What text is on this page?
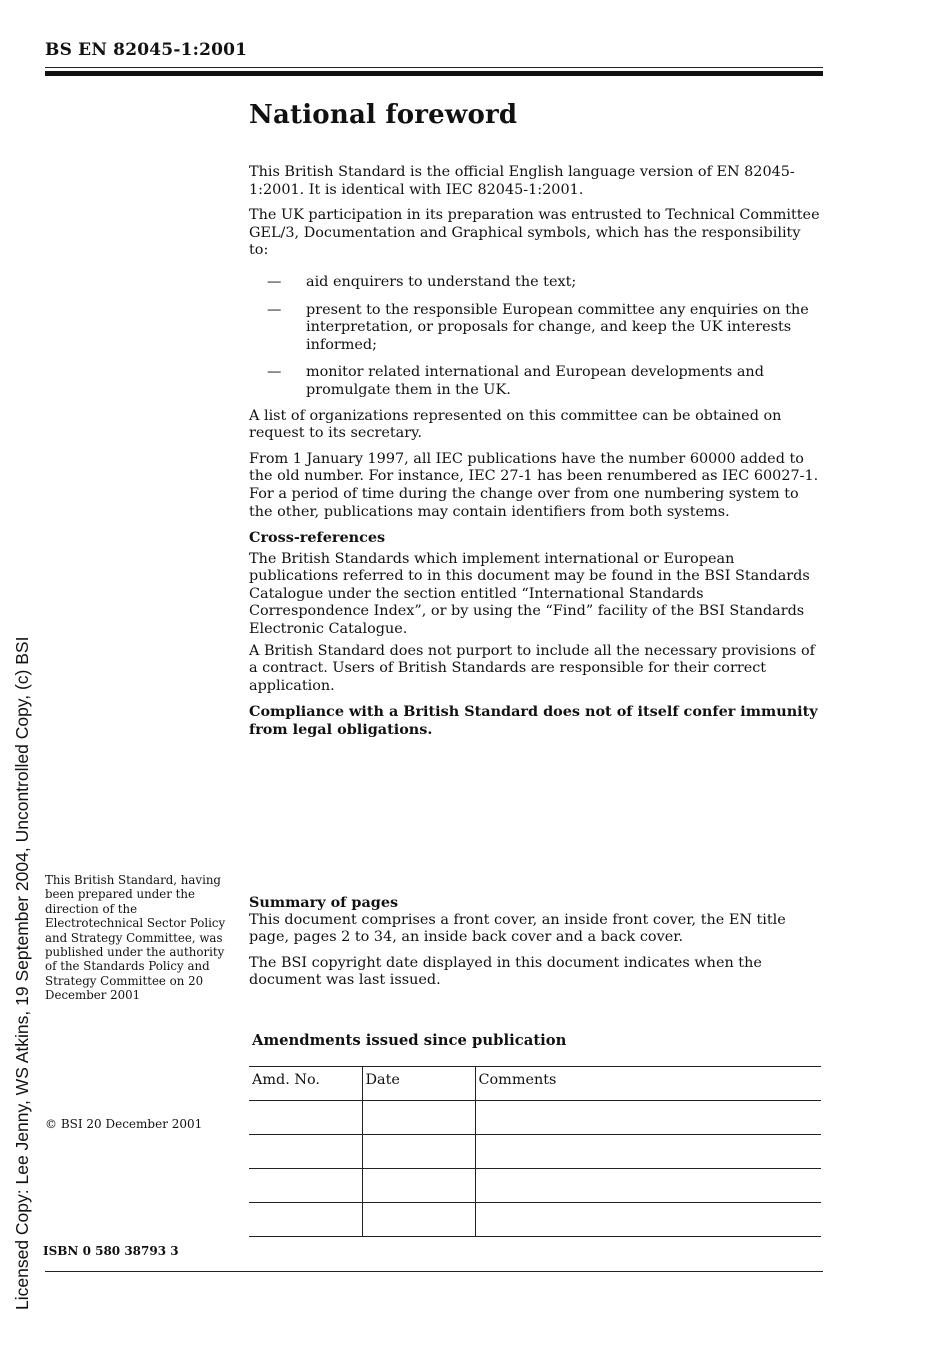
BS EN 82045-1:2001
National foreword

This British Standard is the official English language version of EN 82045-1:2001. It is identical with IEC 82045-1:2001.

The UK participation in its preparation was entrusted to Technical Committee GEL/3, Documentation and Graphical symbols, which has the responsibility to:

— aid enquirers to understand the text;
— present to the responsible European committee any enquiries on the interpretation, or proposals for change, and keep the UK interests informed;
— monitor related international and European developments and promulgate them in the UK.

A list of organizations represented on this committee can be obtained on request to its secretary.

From 1 January 1997, all IEC publications have the number 60000 added to the old number. For instance, IEC 27-1 has been renumbered as IEC 60027-1. For a period of time during the change over from one numbering system to the other, publications may contain identifiers from both systems.

Cross-references

The British Standards which implement international or European publications referred to in this document may be found in the BSI Standards Catalogue under the section entitled “International Standards Correspondence Index”, or by using the “Find” facility of the BSI Standards Electronic Catalogue.

A British Standard does not purport to include all the necessary provisions of a contract. Users of British Standards are responsible for their correct application.

Compliance with a British Standard does not of itself confer immunity from legal obligations.

This British Standard, having been prepared under the direction of the Electrotechnical Sector Policy and Strategy Committee, was published under the authority of the Standards Policy and Strategy Committee on 20 December 2001

Summary of pages

This document comprises a front cover, an inside front cover, the EN title page, pages 2 to 34, an inside back cover and a back cover.

The BSI copyright date displayed in this document indicates when the document was last issued.

Amendments issued since publication
Amd. No.	Date	Comments

© BSI 20 December 2001
ISBN 0 580 38793 3
Licensed Copy: Lee Jenny, WS Atkins, 19 September 2004, Uncontrolled Copy, (c) BSI
